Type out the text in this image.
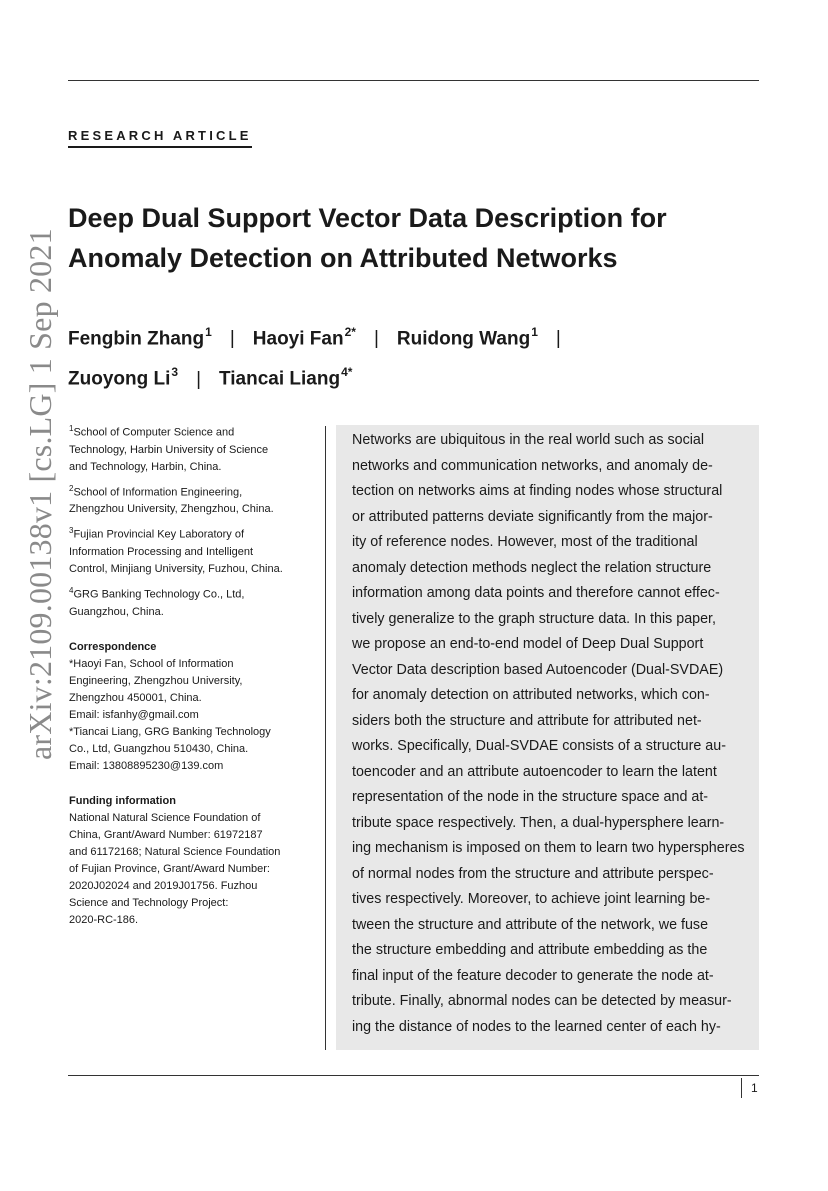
arXiv:2109.00138v1 [cs.LG] 1 Sep 2021
RESEARCH ARTICLE
Deep Dual Support Vector Data Description for
Anomaly Detection on Attributed Networks
Fengbin Zhang$^1$ | Haoyi Fan$^{2*}$ | Ruidong Wang$^1$ |
Zuoyong Li$^3$ | Tiancai Liang$^{4*}$
$^1$School of Computer Science and
Technology, Harbin University of Science
and Technology, Harbin, China.
$^2$School of Information Engineering,
Zhengzhou University, Zhengzhou, China.
$^3$Fujian Provincial Key Laboratory of
Information Processing and Intelligent
Control, Minjiang University, Fuzhou, China.
$^4$GRG Banking Technology Co., Ltd,
Guangzhou, China.
Correspondence
*Haoyi Fan, School of Information
Engineering, Zhengzhou University,
Zhengzhou 450001, China.
Email: isfanhy@gmail.com
*Tiancai Liang, GRG Banking Technology
Co., Ltd, Guangzhou 510430, China.
Email: 13808895230@139.com
Funding information
National Natural Science Foundation of
China, Grant/Award Number: 61972187
and 61172168; Natural Science Foundation
of Fujian Province, Grant/Award Number:
2020J02024 and 2019J01756. Fuzhou
Science and Technology Project:
2020-RC-186.
Networks are ubiquitous in the real world such as social
networks and communication networks, and anomaly de-
tection on networks aims at finding nodes whose structural
or attributed patterns deviate significantly from the major-
ity of reference nodes. However, most of the traditional
anomaly detection methods neglect the relation structure
information among data points and therefore cannot effec-
tively generalize to the graph structure data. In this paper,
we propose an end-to-end model of Deep Dual Support
Vector Data description based Autoencoder (Dual-SVDAE)
for anomaly detection on attributed networks, which con-
siders both the structure and attribute for attributed net-
works. Specifically, Dual-SVDAE consists of a structure au-
toencoder and an attribute autoencoder to learn the latent
representation of the node in the structure space and at-
tribute space respectively. Then, a dual-hypersphere learn-
ing mechanism is imposed on them to learn two hyperspheres
of normal nodes from the structure and attribute perspec-
tives respectively. Moreover, to achieve joint learning be-
tween the structure and attribute of the network, we fuse
the structure embedding and attribute embedding as the
final input of the feature decoder to generate the node at-
tribute. Finally, abnormal nodes can be detected by measur-
ing the distance of nodes to the learned center of each hy-
1
